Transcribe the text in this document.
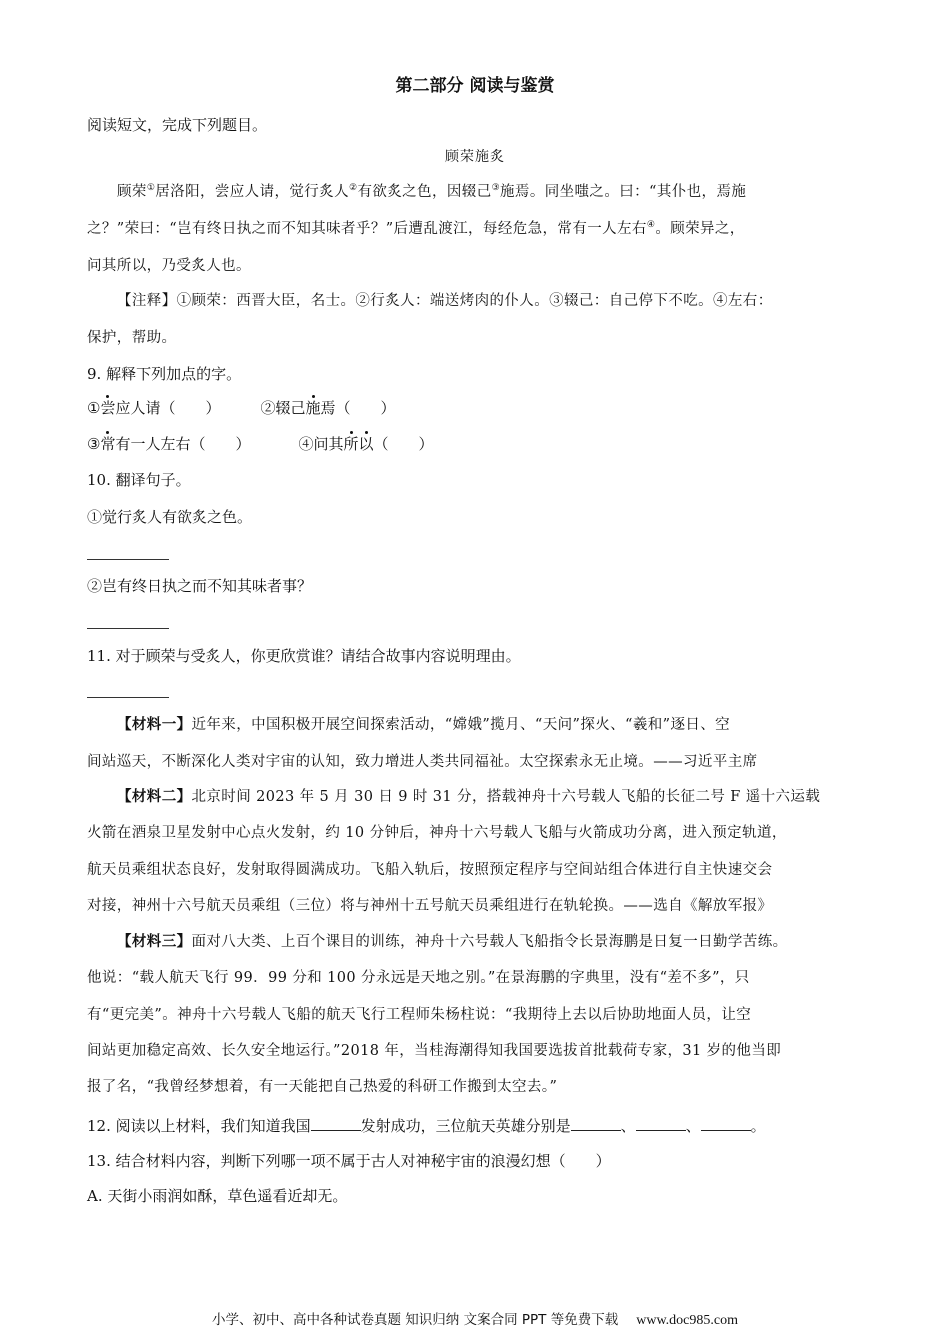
第二部分 阅读与鉴赏
阅读短文，完成下列题目。
顾荣施炙
顾荣①居洛阳，尝应人请，觉行炙人②有欲炙之色，因辍己③施焉。同坐嗤之。曰：“其仆也，焉施
之？”荣曰：“岂有终日执之而不知其味者乎？”后遭乱渡江，每经危急，常有一人左右④。顾荣异之，
问其所以，乃受炙人也。
【注释】①顾荣：西晋大臣，名士。②行炙人：端送烤肉的仆人。③辍己：自己停下不吃。④左右：
保护，帮助。
9. 解释下列加点的字。
①尝应人请（　　）	②辍己施焉（　　）
③常有一人左右（　　）	④问其所以（　　）
10. 翻译句子。
①觉行炙人有欲炙之色。
②岂有终日执之而不知其味者事？
11. 对于顾荣与受炙人，你更欣赏谁？请结合故事内容说明理由。
【材料一】近年来，中国积极开展空间探索活动，“嫦娥”揽月、“天问”探火、“羲和”逐日、空
间站巡天，不断深化人类对宇宙的认知，致力增进人类共同福祉。太空探索永无止境。——习近平主席
【材料二】北京时间 2023 年 5 月 30 日 9 时 31 分，搭载神舟十六号载人飞船的长征二号 F 遥十六运载
火箭在酒泉卫星发射中心点火发射，约 10 分钟后，神舟十六号载人飞船与火箭成功分离，进入预定轨道，
航天员乘组状态良好，发射取得圆满成功。飞船入轨后，按照预定程序与空间站组合体进行自主快速交会
对接，神州十六号航天员乘组（三位）将与神州十五号航天员乘组进行在轨轮换。——选自《解放军报》
【材料三】面对八大类、上百个课目的训练，神舟十六号载人飞船指令长景海鹏是日复一日勤学苦练。
他说：“载人航天飞行 99．99 分和 100 分永远是天地之别。”在景海鹏的字典里，没有“差不多”，只
有“更完美”。神舟十六号载人飞船的航天飞行工程师朱杨柱说：“我期待上去以后协助地面人员，让空
间站更加稳定高效、长久安全地运行。”2018 年，当桂海潮得知我国要选拔首批载荷专家，31 岁的他当即
报了名，“我曾经梦想着，有一天能把自己热爱的科研工作搬到太空去。”
12. 阅读以上材料，我们知道我国	发射成功，三位航天英雄分别是	、	、	。
13. 结合材料内容，判断下列哪一项不属于古人对神秘宇宙的浪漫幻想（　　）
A. 天街小雨润如酥，草色遥看近却无。
小学、初中、高中各种试卷真题 知识归纳 文案合同 PPT 等免费下载 www.doc985.com
